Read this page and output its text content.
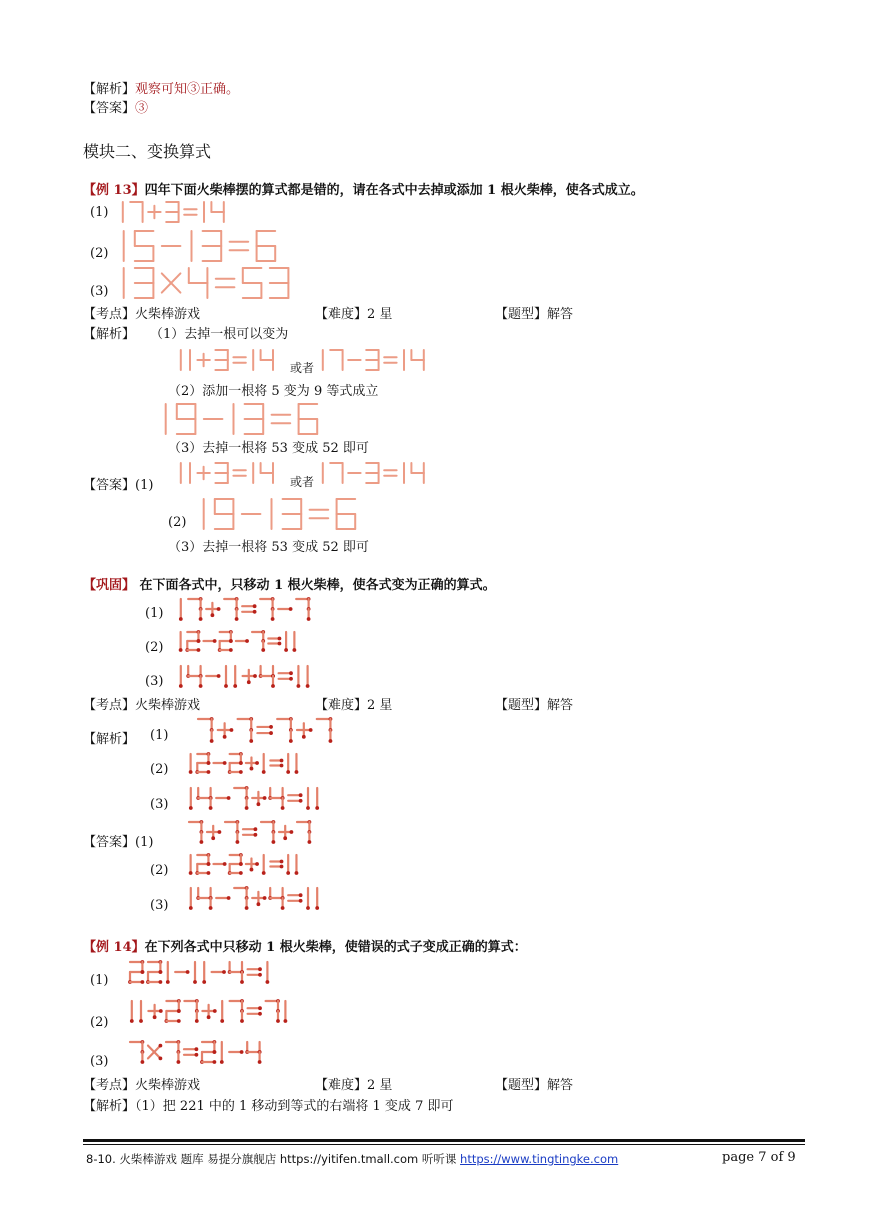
【解析】观察可知③正确。
【答案】③
模块二、变换算式
【例 13】四年下面火柴棒摆的算式都是错的，请在各式中去掉或添加 1 根火柴棒，使各式成立。
(1)
(2)
(3)
【考点】火柴棒游戏	【难度】2 星	【题型】解答
【解析】 （1）去掉一根可以变为
或者
（2）添加一根将 5 变为 9 等式成立
（3）去掉一根将 53 变成 52 即可
【答案】(1)	或者
(2)
（3）去掉一根将 53 变成 52 即可
【巩固】 在下面各式中，只移动 1 根火柴棒，使各式变为正确的算式。
(1)
(2)
(3)
【考点】火柴棒游戏	【难度】2 星	【题型】解答
【解析】 (1)
(2)
(3)
【答案】(1)
(2)
(3)
【例 14】在下列各式中只移动 1 根火柴棒，使错误的式子变成正确的算式：
(1)
(2)
(3)
【考点】火柴棒游戏	【难度】2 星	【题型】解答
【解析】（1）把 221 中的 1 移动到等式的右端将 1 变成 7 即可
8-10. 火柴棒游戏 题库 易提分旗舰店 https://yitifen.tmall.com 听听课 https://www.tingtingke.com	page 7 of 9
